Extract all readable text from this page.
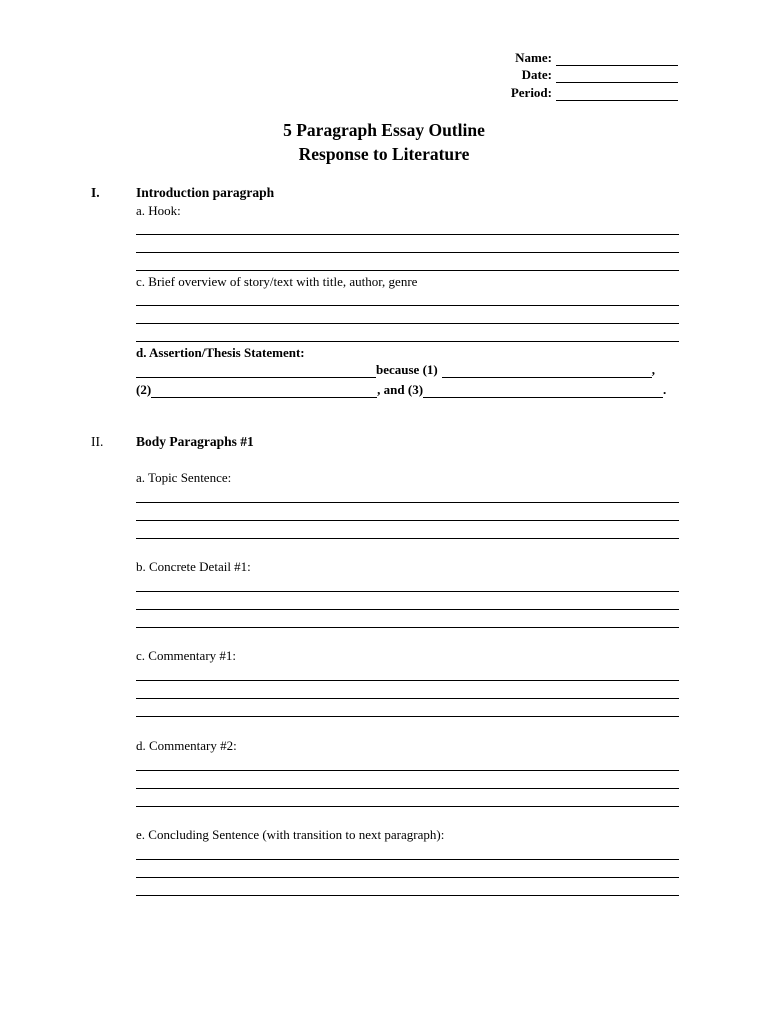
Name:
Date:
Period:
5 Paragraph Essay Outline
Response to Literature
I.	Introduction paragraph
a. Hook:
c. Brief overview of story/text with title, author, genre
d. Assertion/Thesis Statement:
because (1)	,
(2)	, and (3)	.
II. Body Paragraphs #1
a. Topic Sentence:
b. Concrete Detail #1:
c. Commentary #1:
d. Commentary #2:
e. Concluding Sentence (with transition to next paragraph):
